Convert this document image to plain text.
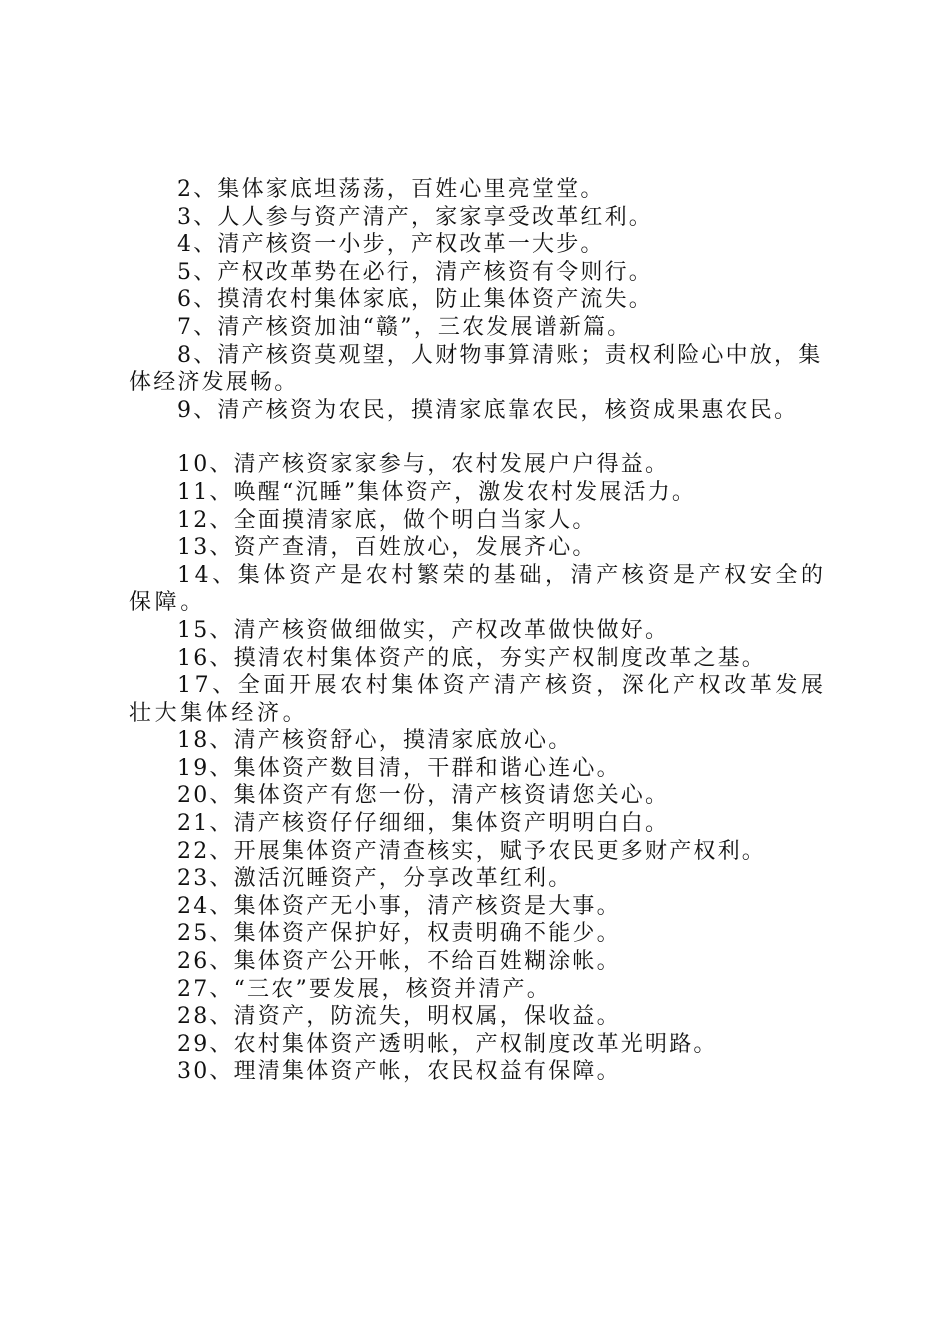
2、集体家底坦荡荡，百姓心里亮堂堂。

3、人人参与资产清产，家家享受改革红利。

4、清产核资一小步，产权改革一大步。

5、产权改革势在必行，清产核资有令则行。

6、摸清农村集体家底，防止集体资产流失。

7、清产核资加油“赣”，三农发展谱新篇。

8、清产核资莫观望，人财物事算清账；责权利险心中放，集体经济发展畅。

9、清产核资为农民，摸清家底靠农民，核资成果惠农民。

10、清产核资家家参与，农村发展户户得益。

11、唤醒“沉睡”集体资产，激发农村发展活力。

12、全面摸清家底，做个明白当家人。

13、资产查清，百姓放心，发展齐心。

14、集体资产是农村繁荣的基础，清产核资是产权安全的保障。

15、清产核资做细做实，产权改革做快做好。

16、摸清农村集体资产的底，夯实产权制度改革之基。

17、全面开展农村集体资产清产核资，深化产权改革发展壮大集体经济。

18、清产核资舒心，摸清家底放心。

19、集体资产数目清，干群和谐心连心。

20、集体资产有您一份，清产核资请您关心。

21、清产核资仔仔细细，集体资产明明白白。

22、开展集体资产清查核实，赋予农民更多财产权利。

23、激活沉睡资产，分享改革红利。

24、集体资产无小事，清产核资是大事。

25、集体资产保护好，权责明确不能少。

26、集体资产公开帐，不给百姓糊涂帐。

27、“三农”要发展，核资并清产。

28、清资产，防流失，明权属，保收益。

29、农村集体资产透明帐，产权制度改革光明路。

30、理清集体资产帐，农民权益有保障。
